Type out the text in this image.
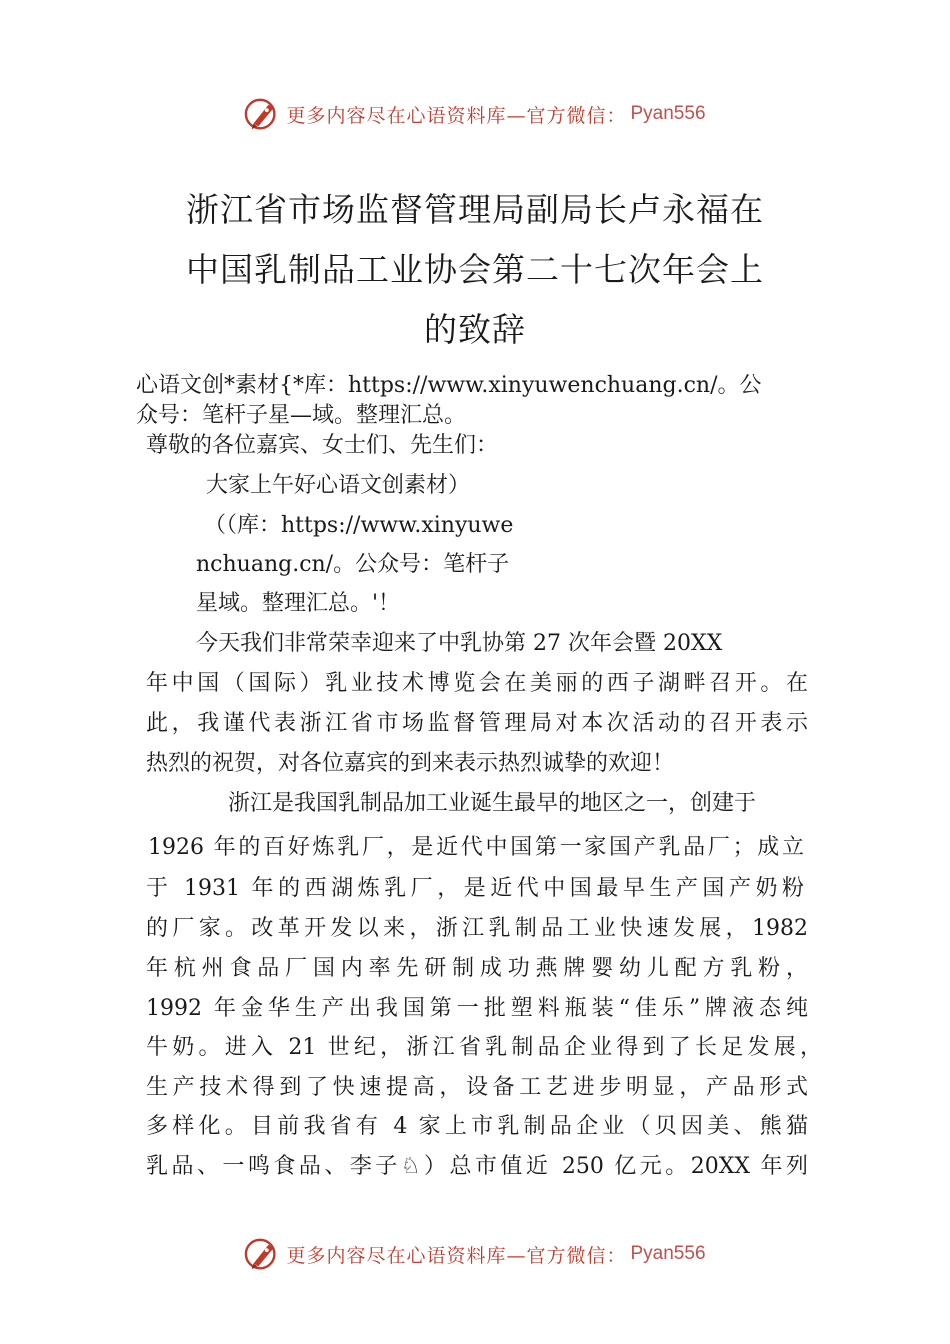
更多内容尽在心语资料库—官方微信： Pyan556
浙江省市场监督管理局副局长卢永福在
中国乳制品工业协会第二十七次年会上
的致辞
心语文创*素材{*库：https://www.xinyuwenchuang.cn/。公
众号：笔杆子星—域。整理汇总。
尊敬的各位嘉宾、女士们、先生们：
大家上午好心语文创素材）
（（库：https://www.xinyuwe
nchuang.cn/。公众号：笔杆子
星域。整理汇总。'！
今天我们非常荣幸迎来了中乳协第 27 次年会暨 20XX
年中国（国际）乳业技术博览会在美丽的西子湖畔召开。在
此，我谨代表浙江省市场监督管理局对本次活动的召开表示
热烈的祝贺，对各位嘉宾的到来表示热烈诚挚的欢迎！
浙江是我国乳制品加工业诞生最早的地区之一，创建于
1926 年的百好炼乳厂，是近代中国第一家国产乳品厂；成立
于 1931 年的西湖炼乳厂，是近代中国最早生产国产奶粉
的厂家。改革开发以来，浙江乳制品工业快速发展，1982
年杭州食品厂国内率先研制成功燕牌婴幼儿配方乳粉，
1992 年金华生产出我国第一批塑料瓶装“佳乐”牌液态纯
牛奶。进入 21 世纪，浙江省乳制品企业得到了长足发展，
生产技术得到了快速提高，设备工艺进步明显，产品形式
多样化。目前我省有 4 家上市乳制品企业（贝因美、熊猫
乳品、一鸣食品、李子♘）总市值近 250 亿元。20XX 年列
更多内容尽在心语资料库—官方微信： Pyan556
